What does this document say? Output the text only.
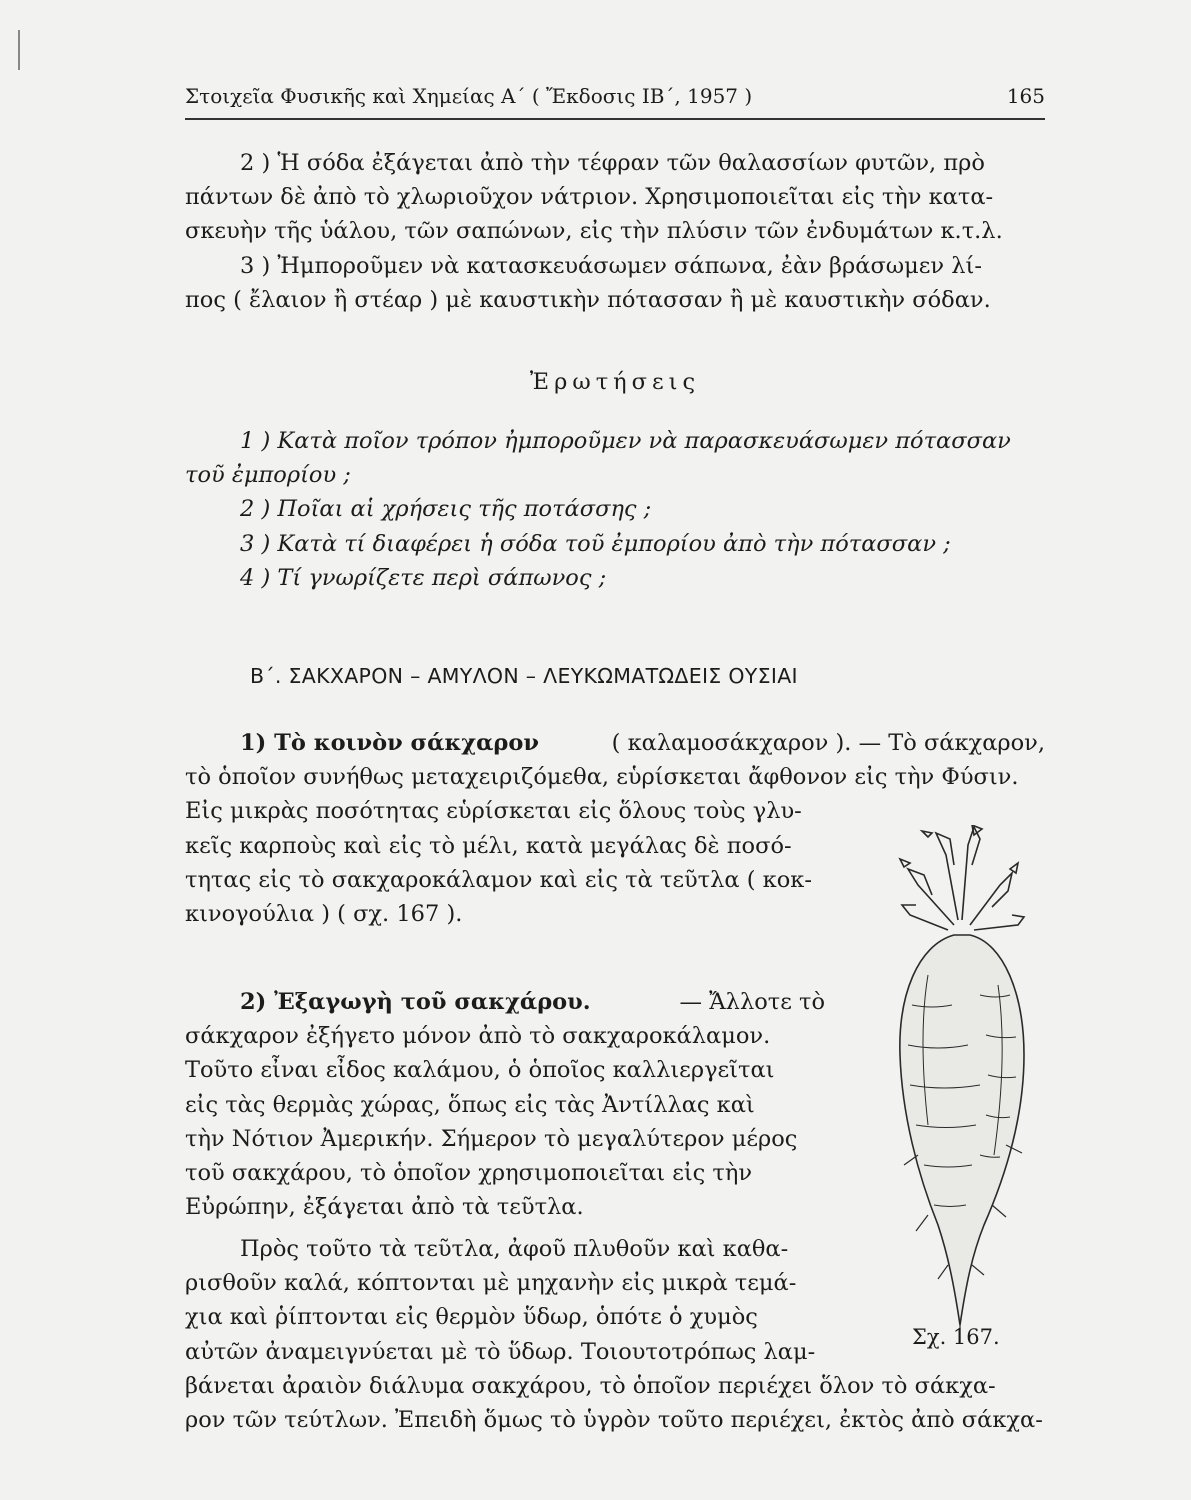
Στοιχεῖα Φυσικῆς καὶ Χημείας Α΄ ( Ἔκδοσις ΙΒ΄, 1957 )	165
2 ) Ἡ σόδα ἐξάγεται ἀπὸ τὴν τέφραν τῶν θαλασσίων φυτῶν, πρὸ
πάντων δὲ ἀπὸ τὸ χλωριοῦχον νάτριον. Χρησιμοποιεῖται εἰς τὴν κατα-
σκευὴν τῆς ὑάλου, τῶν σαπώνων, εἰς τὴν πλύσιν τῶν ἐνδυμάτων κ.τ.λ.
3 ) Ἠμποροῦμεν νὰ κατασκευάσωμεν σάπωνα, ἐὰν βράσωμεν λί-
πος ( ἔλαιον ἢ στέαρ ) μὲ καυστικὴν πότασσαν ἢ μὲ καυστικὴν σόδαν.
Ἐρωτήσεις
1 ) Κατὰ ποῖον τρόπον ἠμποροῦμεν νὰ παρασκευάσωμεν πότασσαν
τοῦ ἐμπορίου ;
2 ) Ποῖαι αἱ χρήσεις τῆς ποτάσσης ;
3 ) Κατὰ τί διαφέρει ἡ σόδα τοῦ ἐμπορίου ἀπὸ τὴν πότασσαν ;
4 ) Τί γνωρίζετε περὶ σάπωνος ;
Β΄. ΣΑΚΧΑΡΟΝ – ΑΜΥΛΟΝ – ΛΕΥΚΩΜΑΤΩΔΕΙΣ ΟΥΣΙΑΙ
1) Τὸ κοινὸν σάκχαρον	( καλαμοσάκχαρον ). — Τὸ σάκχαρον,
τὸ ὁποῖον συνήθως μεταχειριζόμεθα, εὑρίσκεται ἄφθονον εἰς τὴν Φύσιν.
Εἰς μικρὰς ποσότητας εὑρίσκεται εἰς ὅλους τοὺς γλυ-
κεῖς καρποὺς καὶ εἰς τὸ μέλι, κατὰ μεγάλας δὲ ποσό-
τητας εἰς τὸ σακχαροκάλαμον καὶ εἰς τὰ τεῦτλα ( κοκ-
κινογούλια ) ( σχ. 167 ).
2) Ἐξαγωγὴ τοῦ σακχάρου.	— Ἄλλοτε τὸ
σάκχαρον ἐξήγετο μόνον ἀπὸ τὸ σακχαροκάλαμον.
Τοῦτο εἶναι εἶδος καλάμου, ὁ ὁποῖος καλλιεργεῖται
εἰς τὰς θερμὰς χώρας, ὅπως εἰς τὰς Ἀντίλλας καὶ
τὴν Νότιον Ἀμερικήν. Σήμερον τὸ μεγαλύτερον μέρος
τοῦ σακχάρου, τὸ ὁποῖον χρησιμοποιεῖται εἰς τὴν
Εὐρώπην, ἐξάγεται ἀπὸ τὰ τεῦτλα.
Πρὸς τοῦτο τὰ τεῦτλα, ἀφοῦ πλυθοῦν καὶ καθα-
ρισθοῦν καλά, κόπτονται μὲ μηχανὴν εἰς μικρὰ τεμά-
χια καὶ ῥίπτονται εἰς θερμὸν ὕδωρ, ὁπότε ὁ χυμὸς
αὐτῶν ἀναμειγνύεται μὲ τὸ ὕδωρ. Τοιουτοτρόπως λαμ-
βάνεται ἀραιὸν διάλυμα σακχάρου, τὸ ὁποῖον περιέχει ὅλον τὸ σάκχα-
ρον τῶν τεύτλων. Ἐπειδὴ ὅμως τὸ ὑγρὸν τοῦτο περιέχει, ἐκτὸς ἀπὸ σάκχα-
Σχ. 167.
